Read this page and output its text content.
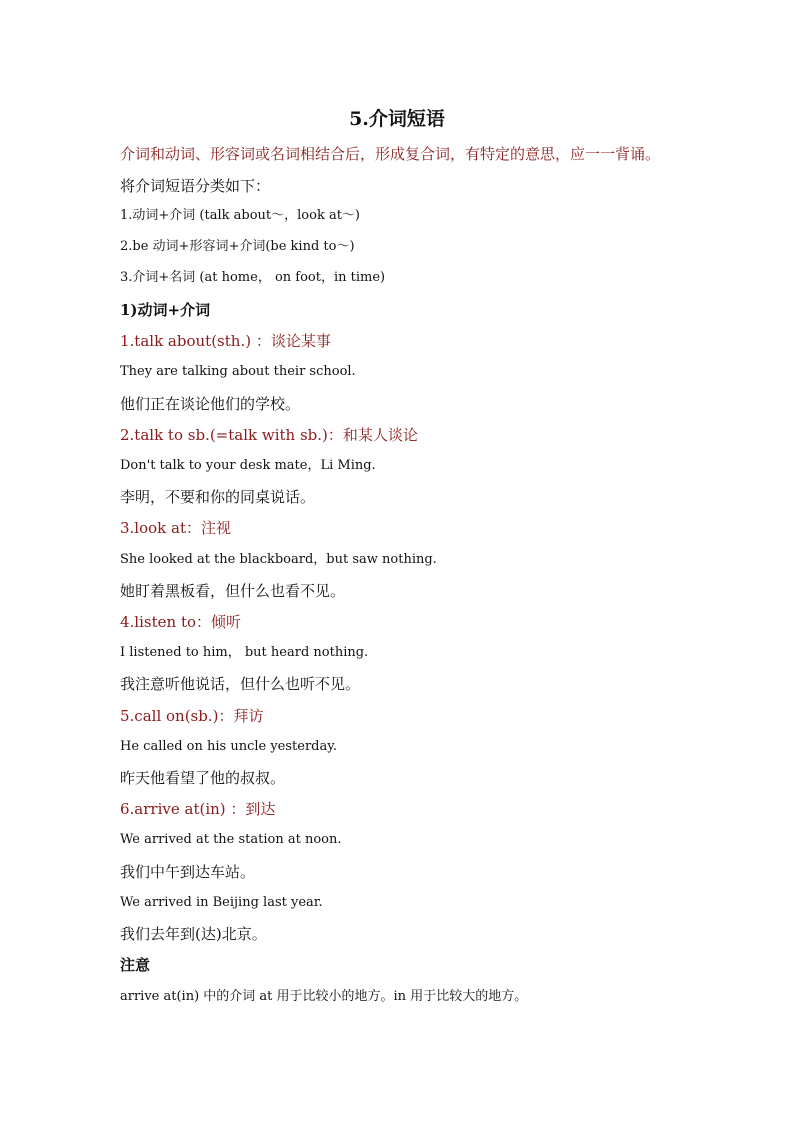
5.介词短语
介词和动词、形容词或名词相结合后，形成复合词，有特定的意思，应一一背诵。
将介词短语分类如下：
1.动词+介词 (talk about～，look at～)
2.be 动词+形容词+介词(be kind to～)
3.介词+名词 (at home， on foot，in time)
1)动词+介词
1.talk about(sth.) ：谈论某事
They are talking about their school.
他们正在谈论他们的学校。
2.talk to sb.(=talk with sb.)：和某人谈论
Don't talk to your desk mate，Li Ming.
李明，不要和你的同桌说话。
3.look at：注视
She looked at the blackboard，but saw nothing.
她盯着黑板看，但什么也看不见。
4.listen to：倾听
I listened to him， but heard nothing.
我注意听他说话，但什么也听不见。
5.call on(sb.)：拜访
He called on his uncle yesterday.
昨天他看望了他的叔叔。
6.arrive at(in) ：到达
We arrived at the station at noon.
我们中午到达车站。
We arrived in Beijing last year.
我们去年到(达)北京。
注意
arrive at(in) 中的介词 at 用于比较小的地方。in 用于比较大的地方。
